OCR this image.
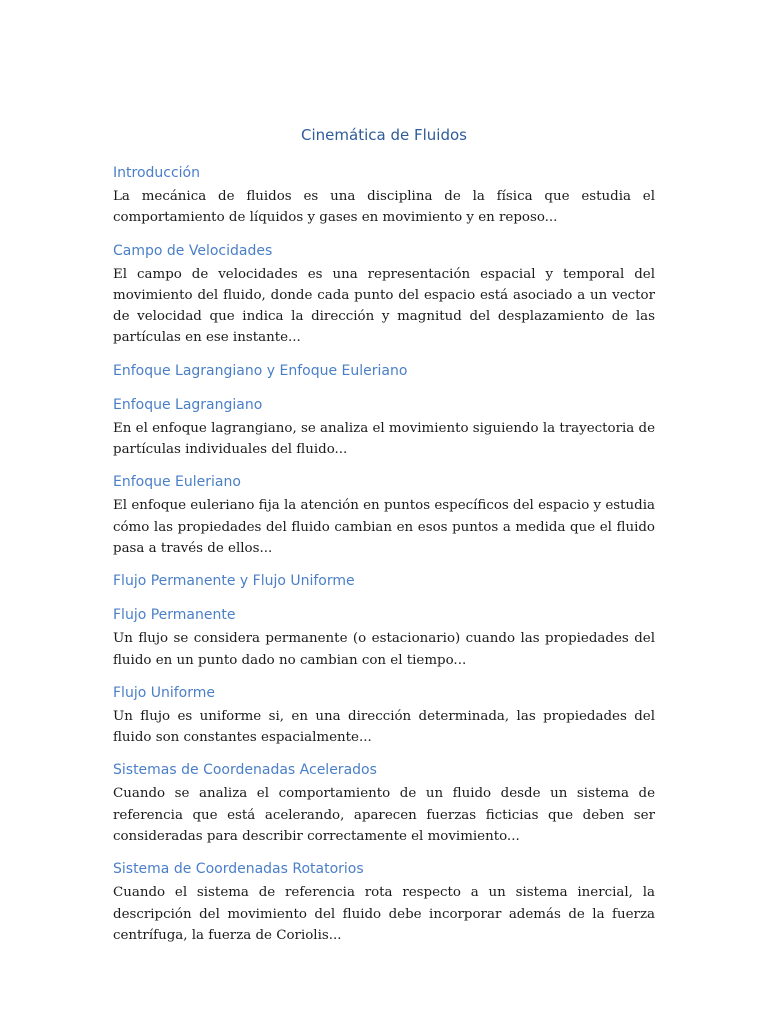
Cinemática de Fluidos
Introducción

La mecánica de fluidos es una disciplina de la física que estudia el comportamiento de líquidos y gases en movimiento y en reposo...

Campo de Velocidades

El campo de velocidades es una representación espacial y temporal del movimiento del fluido, donde cada punto del espacio está asociado a un vector de velocidad que indica la dirección y magnitud del desplazamiento de las partículas en ese instante...

Enfoque Lagrangiano y Enfoque Euleriano
Enfoque Lagrangiano

En el enfoque lagrangiano, se analiza el movimiento siguiendo la trayectoria de partículas individuales del fluido...

Enfoque Euleriano

El enfoque euleriano fija la atención en puntos específicos del espacio y estudia cómo las propiedades del fluido cambian en esos puntos a medida que el fluido pasa a través de ellos...

Flujo Permanente y Flujo Uniforme
Flujo Permanente

Un flujo se considera permanente (o estacionario) cuando las propiedades del fluido en un punto dado no cambian con el tiempo...

Flujo Uniforme

Un flujo es uniforme si, en una dirección determinada, las propiedades del fluido son constantes espacialmente...

Sistemas de Coordenadas Acelerados

Cuando se analiza el comportamiento de un fluido desde un sistema de referencia que está acelerando, aparecen fuerzas ficticias que deben ser consideradas para describir correctamente el movimiento...

Sistema de Coordenadas Rotatorios

Cuando el sistema de referencia rota respecto a un sistema inercial, la descripción del movimiento del fluido debe incorporar además de la fuerza centrífuga, la fuerza de Coriolis...
